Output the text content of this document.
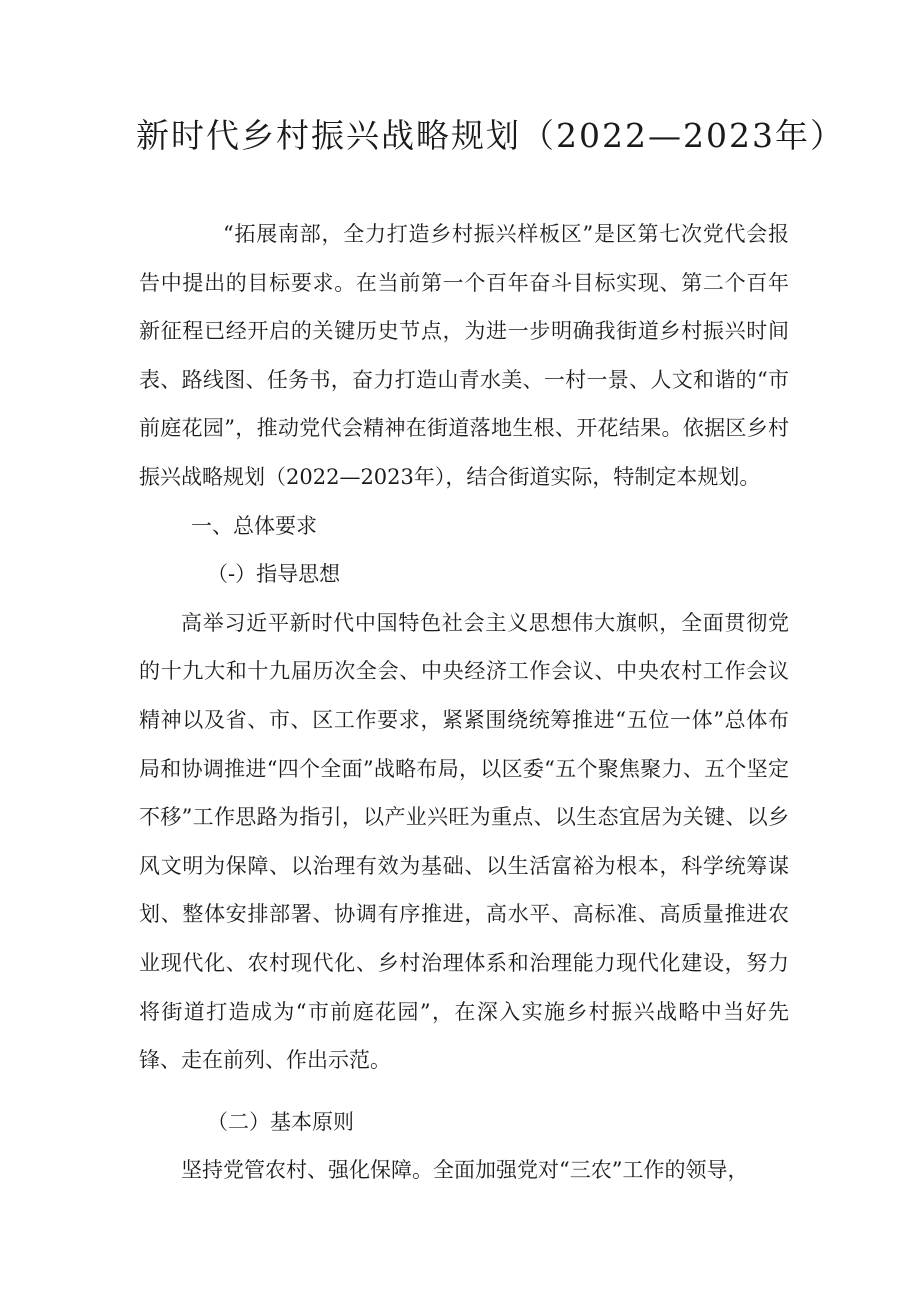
新时代乡村振兴战略规划（2022—2023年）

“拓展南部，全力打造乡村振兴样板区”是区第七次党代会报告中提出的目标要求。在当前第一个百年奋斗目标实现、第二个百年新征程已经开启的关键历史节点，为进一步明确我街道乡村振兴时间表、路线图、任务书，奋力打造山青水美、一村一景、人文和谐的“市前庭花园”，推动党代会精神在街道落地生根、开花结果。依据区乡村振兴战略规划（2022—2023年），结合街道实际，特制定本规划。

一、总体要求

（-）指导思想

高举习近平新时代中国特色社会主义思想伟大旗帜，全面贯彻党的十九大和十九届历次全会、中央经济工作会议、中央农村工作会议精神以及省、市、区工作要求，紧紧围绕统筹推进“五位一体”总体布局和协调推进“四个全面”战略布局，以区委“五个聚焦聚力、五个坚定不移”工作思路为指引，以产业兴旺为重点、以生态宜居为关键、以乡风文明为保障、以治理有效为基础、以生活富裕为根本，科学统筹谋划、整体安排部署、协调有序推进，高水平、高标准、高质量推进农业现代化、农村现代化、乡村治理体系和治理能力现代化建设，努力将街道打造成为“市前庭花园”，在深入实施乡村振兴战略中当好先锋、走在前列、作出示范。

（二）基本原则

坚持党管农村、强化保障。全面加强党对“三农”工作的领导，
